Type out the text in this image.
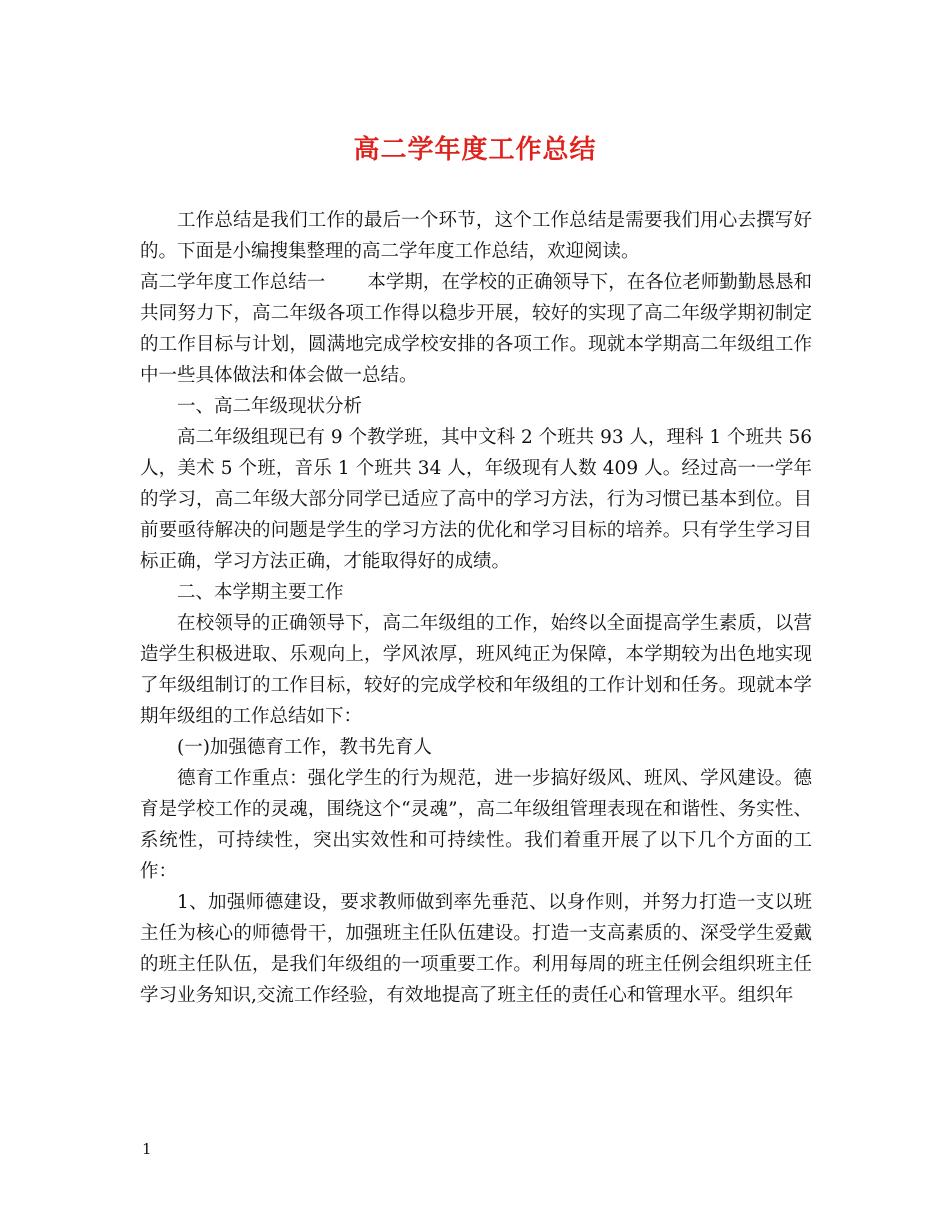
高二学年度工作总结

工作总结是我们工作的最后一个环节，这个工作总结是需要我们用心去撰写好的。下面是小编搜集整理的高二学年度工作总结，欢迎阅读。

高二学年度工作总结一 本学期，在学校的正确领导下，在各位老师勤勤恳恳和共同努力下，高二年级各项工作得以稳步开展，较好的实现了高二年级学期初制定的工作目标与计划，圆满地完成学校安排的各项工作。现就本学期高二年级组工作中一些具体做法和体会做一总结。

一、高二年级现状分析

高二年级组现已有 9 个教学班，其中文科 2 个班共 93 人，理科 1 个班共 56 人，美术 5 个班，音乐 1 个班共 34 人，年级现有人数 409 人。经过高一一学年的学习，高二年级大部分同学已适应了高中的学习方法，行为习惯已基本到位。目前要亟待解决的问题是学生的学习方法的优化和学习目标的培养。只有学生学习目标正确，学习方法正确，才能取得好的成绩。

二、本学期主要工作

在校领导的正确领导下，高二年级组的工作，始终以全面提高学生素质，以营造学生积极进取、乐观向上，学风浓厚，班风纯正为保障，本学期较为出色地实现了年级组制订的工作目标，较好的完成学校和年级组的工作计划和任务。现就本学期年级组的工作总结如下：

(一)加强德育工作，教书先育人

德育工作重点：强化学生的行为规范，进一步搞好级风、班风、学风建设。德育是学校工作的灵魂，围绕这个“灵魂”，高二年级组管理表现在和谐性、务实性、系统性，可持续性，突出实效性和可持续性。我们着重开展了以下几个方面的工作：

1、加强师德建设，要求教师做到率先垂范、以身作则，并努力打造一支以班主任为核心的师德骨干，加强班主任队伍建设。打造一支高素质的、深受学生爱戴的班主任队伍，是我们年级组的一项重要工作。利用每周的班主任例会组织班主任学习业务知识,交流工作经验，有效地提高了班主任的责任心和管理水平。组织年

1
